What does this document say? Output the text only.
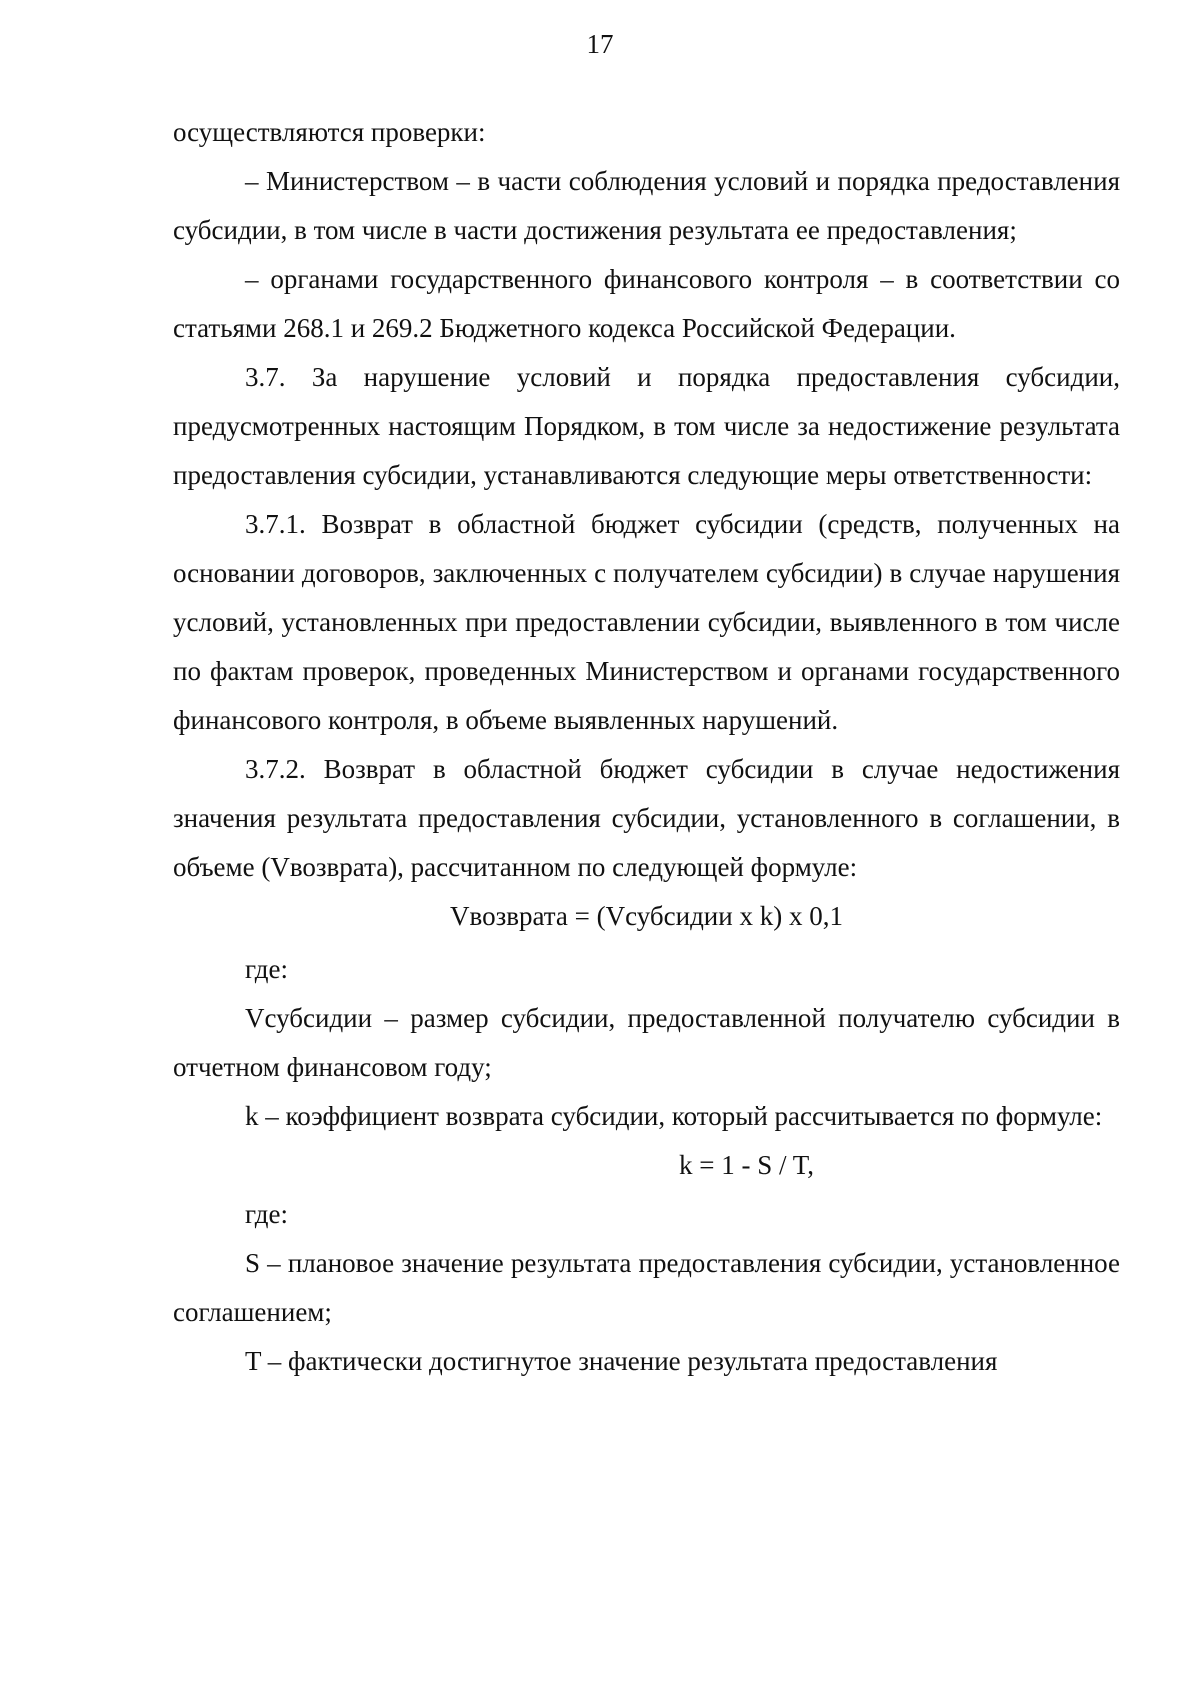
17

осуществляются проверки:

– Министерством – в части соблюдения условий и порядка предоставления субсидии, в том числе в части достижения результата ее предоставления;

– органами государственного финансового контроля – в соответствии со статьями 268.1 и 269.2 Бюджетного кодекса Российской Федерации.

3.7. За нарушение условий и порядка предоставления субсидии, предусмотренных настоящим Порядком, в том числе за недостижение результата предоставления субсидии, устанавливаются следующие меры ответственности:

3.7.1. Возврат в областной бюджет субсидии (средств, полученных на основании договоров, заключенных с получателем субсидии) в случае нарушения условий, установленных при предоставлении субсидии, выявленного в том числе по фактам проверок, проведенных Министерством и органами государственного финансового контроля, в объеме выявленных нарушений.

3.7.2. Возврат в областной бюджет субсидии в случае недостижения значения результата предоставления субсидии, установленного в соглашении, в объеме (Vвозврата), рассчитанном по следующей формуле:

Vвозврата = (Vсубсидии x k) x 0,1

где:

Vсубсидии – размер субсидии, предоставленной получателю субсидии в отчетном финансовом году;

k – коэффициент возврата субсидии, который рассчитывается по формуле:

k = 1 - S / T,

где:

S – плановое значение результата предоставления субсидии, установленное соглашением;

T – фактически достигнутое значение результата предоставления
